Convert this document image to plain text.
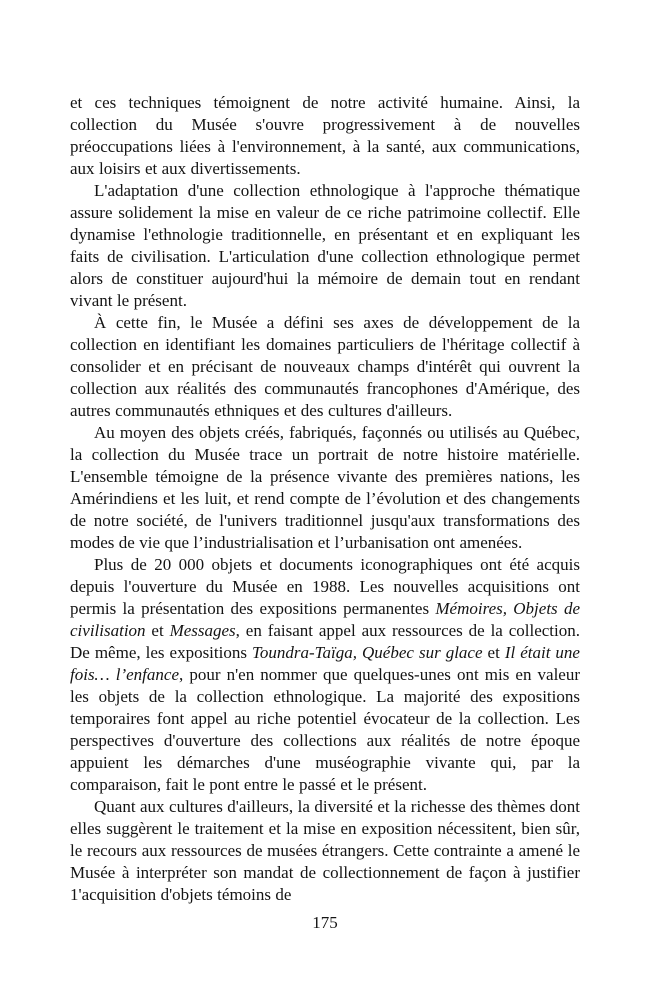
et ces techniques témoignent de notre activité humaine. Ainsi, la collection du Musée s'ouvre progressivement à de nouvelles préoccupations liées à l'environnement, à la santé, aux communications, aux loisirs et aux divertissements.

L'adaptation d'une collection ethnologique à l'approche thématique assure solidement la mise en valeur de ce riche patrimoine collectif. Elle dynamise l'ethnologie traditionnelle, en présentant et en expliquant les faits de civilisation. L'articulation d'une collection ethnologique permet alors de constituer aujourd'hui la mémoire de demain tout en rendant vivant le présent.

À cette fin, le Musée a défini ses axes de développement de la collection en identifiant les domaines particuliers de l'héritage collectif à consolider et en précisant de nouveaux champs d'intérêt qui ouvrent la collection aux réalités des communautés francophones d'Amérique, des autres communautés ethniques et des cultures d'ailleurs.

Au moyen des objets créés, fabriqués, façonnés ou utilisés au Québec, la collection du Musée trace un portrait de notre histoire matérielle. L'ensemble témoigne de la présence vivante des premières nations, les Amérindiens et les luit, et rend compte de l’évolution et des changements de notre société, de l'univers traditionnel jusqu'aux transformations des modes de vie que l’industrialisation et l’urbanisation ont amenées.

Plus de 20 000 objets et documents iconographiques ont été acquis depuis l'ouverture du Musée en 1988. Les nouvelles acquisitions ont permis la présentation des expositions permanentes Mémoires, Objets de civilisation et Messages, en faisant appel aux ressources de la collection. De même, les expositions Toundra-Taïga, Québec sur glace et Il était une fois… l’enfance, pour n'en nommer que quelques-unes ont mis en valeur les objets de la collection ethnologique. La majorité des expositions temporaires font appel au riche potentiel évocateur de la collection. Les perspectives d'ouverture des collections aux réalités de notre époque appuient les démarches d'une muséographie vivante qui, par la comparaison, fait le pont entre le passé et le présent.

Quant aux cultures d'ailleurs, la diversité et la richesse des thèmes dont elles suggèrent le traitement et la mise en exposition nécessitent, bien sûr, le recours aux ressources de musées étrangers. Cette contrainte a amené le Musée à interpréter son mandat de collectionnement de façon à justifier 1'acquisition d'objets témoins de

175
